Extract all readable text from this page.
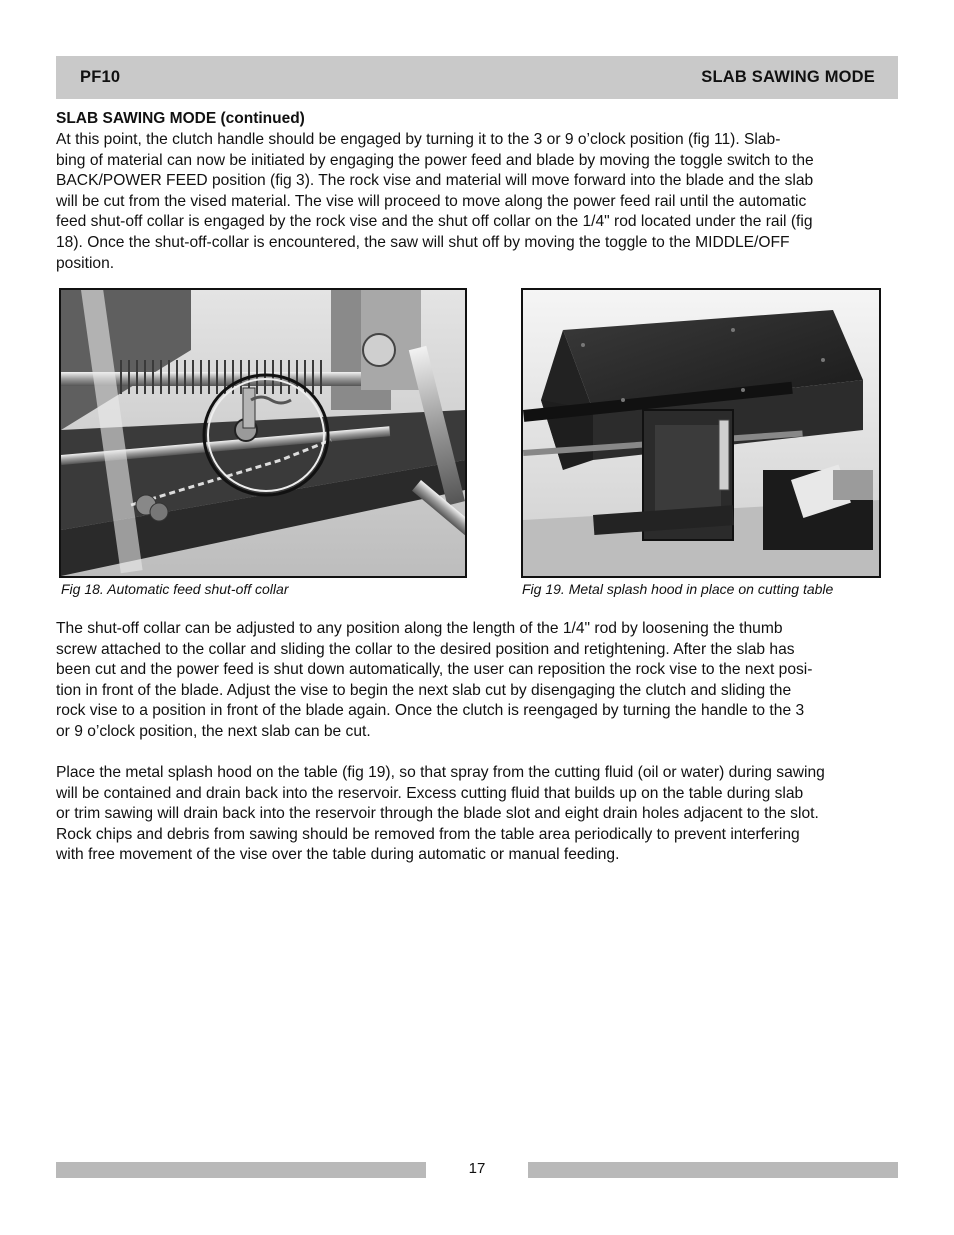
PF10	SLAB SAWING MODE
SLAB SAWING MODE (continued)

At this point, the clutch handle should be engaged by turning it to the 3 or 9 o’clock position (fig 11). Slab-
bing of material can now be initiated by engaging the power feed and blade by moving the toggle switch to the
BACK/POWER FEED position (fig 3). The rock vise and material will move forward into the blade and the slab
will be cut from the vised material. The vise will proceed to move along the power feed rail until the automatic
feed shut-off collar is engaged by the rock vise and the shut off collar on the 1/4" rod located under the rail (fig
18). Once the shut-off-collar is encountered, the saw will shut off by moving the toggle to the MIDDLE/OFF
position.

Fig 18. Automatic feed shut-off collar	Fig 19. Metal splash hood in place on cutting table

The shut-off collar can be adjusted to any position along the length of the 1/4" rod by loosening the thumb
screw attached to the collar and sliding the collar to the desired position and retightening. After the slab has
been cut and the power feed is shut down automatically, the user can reposition the rock vise to the next posi-
tion in front of the blade. Adjust the vise to begin the next slab cut by disengaging the clutch and sliding the
rock vise to a position in front of the blade again. Once the clutch is reengaged by turning the handle to the 3
or 9 o’clock position, the next slab can be cut.

Place the metal splash hood on the table (fig 19), so that spray from the cutting fluid (oil or water) during sawing
will be contained and drain back into the reservoir. Excess cutting fluid that builds up on the table during slab
or trim sawing will drain back into the reservoir through the blade slot and eight drain holes adjacent to the slot.
Rock chips and debris from sawing should be removed from the table area periodically to prevent interfering
with free movement of the vise over the table during automatic or manual feeding.

17
